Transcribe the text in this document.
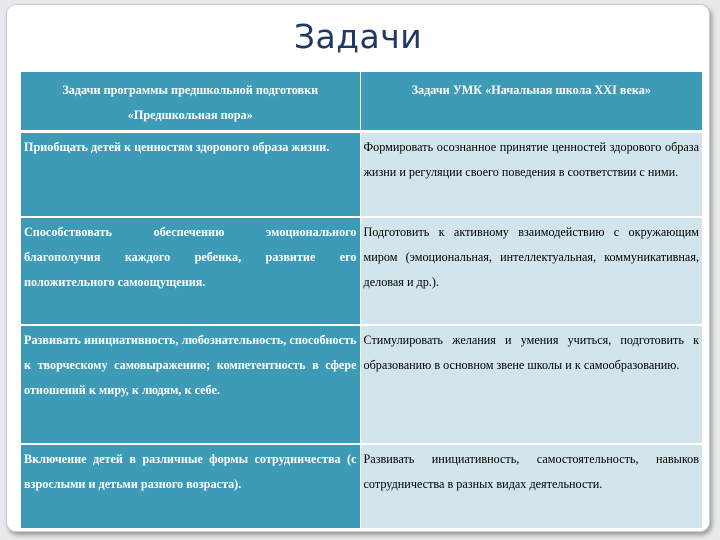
Задачи
Задачи программы предшкольной подготовки «Предшкольная пора»	Задачи УМК «Начальная школа XXI века»
Приобщать детей к ценностям здорового образа жизни.	Формировать осознанное принятие ценностей здорового образа жизни и регуляции своего поведения в соответствии с ними.
Способствовать обеспечению эмоционального благополучия каждого ребенка, развитие его положительного самоощущения.	Подготовить к активному взаимодействию с окружающим миром (эмоциональная, интеллектуальная, коммуникативная, деловая и др.).
Развивать инициативность, любознательность, способность к творческому самовыражению; компетентность в сфере отношений к миру, к людям, к себе.	Стимулировать желания и умения учиться, подготовить к образованию в основном звене школы и к самообразованию.
Включение детей в различные формы сотрудничества (с взрослыми и детьми разного возраста).	Развивать инициативность, самостоятельность, навыков сотрудничества в разных видах деятельности.
